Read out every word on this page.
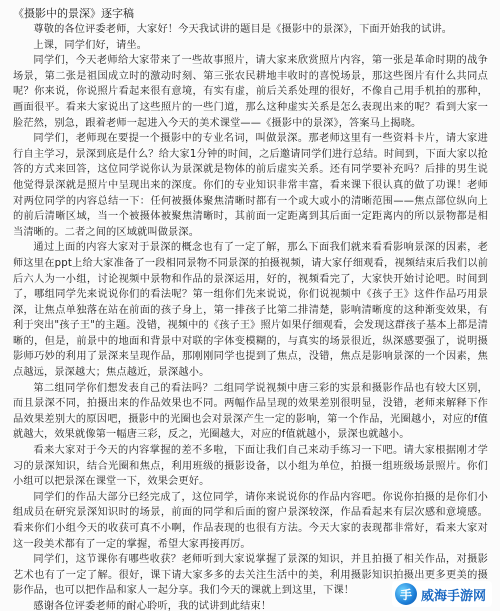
《摄影中的景深》逐字稿

尊敬的各位评委老师，大家好！今天我试讲的题目是《摄影中的景深》，下面开始我的试讲。

上课，同学们好，请坐。

同学们，今天老师给大家带来了一些故事照片，请大家来欣赏照片内容，第一张是革命时期的战争场景，第二张是祖国成立时的激动时刻、第三张农民耕地丰收时的喜悦场景，那这些图片有什么共同点呢？你来说，你说照片看起来很有意境，有实有虚，前后关系处理的很好，不像自己用手机拍的那种，画面很平。看来大家说出了这些照片的一些门道，那么这种虚实关系是怎么表现出来的呢？看到大家一脸茫然，别急，跟着老师一起进入今天的美术课堂——《摄影中的景深》，答案马上揭晓。

同学们，老师现在要提一个摄影中的专业名词，叫做景深。那老师这里有一些资料卡片，请大家进行自主学习，景深到底是什么？给大家1分钟的时间，之后邀请同学们进行总结。时间到，下面大家以抢答的方式来回答，这位同学说你认为景深就是物体的前后虚实关系。还有同学要补充吗？后排的男生说他觉得景深就是照片中呈现出来的深度。你们的专业知识非常丰富，看来课下很认真的做了功课！老师对两位同学的内容总结一下：任何被摄体聚焦清晰时都有一个或大或小的清晰范围——焦点部位纵向上的前后清晰区域，当一个被摄体被聚焦清晰时，其前面一定距离到其后面一定距离内的所以景物都是相当清晰的。二者之间的区域就叫做景深。

通过上面的内容大家对于景深的概念也有了一定了解，那么下面我们就来看看影响景深的因素，老师这里在ppt上给大家准备了一段相同景物不同景深的拍摄视频，请大家仔细观看，视频结束后我们以前后六人为一小组，讨论视频中景物和作品的景深运用，好的，视频看完了，大家快开始讨论吧。时间到了，哪组同学先来说说你们的看法呢？第一组你们先来说说，你们说视频中《孩子王》这件作品巧用景深，让焦点单独落在站在前面的孩子身上，第一排孩子比第二排清楚，影响清晰度的这种渐变效果，有利于突出"孩子王"的主题。没错，视频中的《孩子王》照片如果仔细观看，会发现这群孩子基本上都是清晰的，但是，前景中的地面和背景中对联的字体变模糊的，与真实的场景很近，纵深感要强了，说明摄影师巧妙的利用了景深来呈现作品，那刚刚同学也提到了焦点，没错，焦点是影响景深的一个因素，焦点越远，景深越大；焦点越近，景深越小。

第二组同学你们想发表自己的看法吗？二组同学说视频中唐三彩的实景和摄影作品也有较大区别，而且景深不同，拍摄出来的作品效果也不同。两幅作品呈现的效果差别很明显，没错，老师来解释下作品效果差别大的原因吧，摄影中的光圈也会对景深产生一定的影响，第一个作品，光圈越小，对应的f值就越大，效果就像第一幅唐三彩，反之，光圈越大，对应的f值就越小，景深也就越小。

看来大家对于今天的内容掌握的差不多啦，下面让我们自己来动手练习一下吧。请大家根据刚才学习的景深知识，结合光圈和焦点，利用班级的摄影设备，以小组为单位，拍摄一组班级场景照片。你们小组可以把景深在课堂一下，效果会更好。

同学们的作品大部分已经完成了，这位同学，请你来说说你的作品内容吧。你说你拍摄的是你们小组成员在研究景深知识时的场景，前面的同学和后面的窗户景深较深，作品看起来有层次感和意境感。看来你们小组今天的收获可真不小啊，作品表现的也很有方法。今天大家的表现都非常好，看来大家对这一段美术都有了一定的掌握，希望大家再接再厉。

同学们，这节课你有哪些收获？老师听到大家说掌握了景深的知识，并且拍摄了相关作品，对摄影艺术也有了一定了解。很好，课下请大家多多的去关注生活中的美，利用摄影知识拍摄出更多更美的摄影作品，也可以把作品和家人一起分享。我们今天的课就上到这里，下课！

感谢各位评委老师的耐心聆听，我的试讲到此结束！

手 威海手游网
